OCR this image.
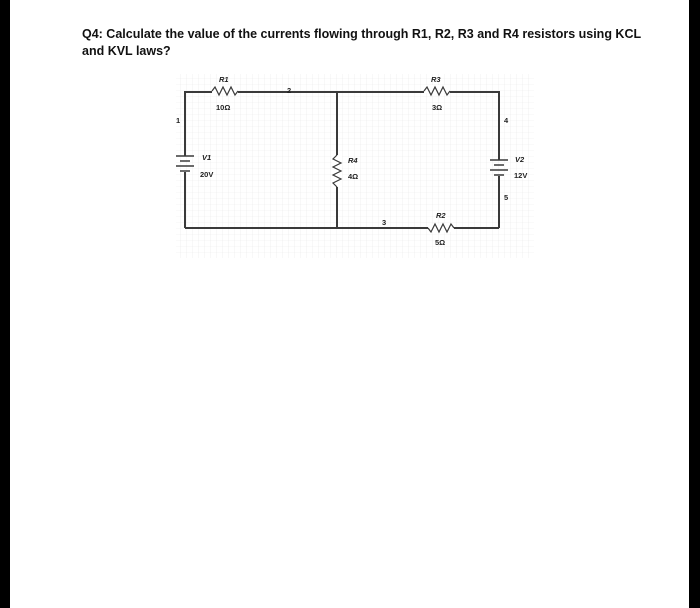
Q4: Calculate the value of the currents flowing through R1, R2, R3 and R4 resistors using KCL and KVL laws?

R1
10Ω
R3
3Ω
R4
4Ω
R2
5Ω
V1
20V
V2
12V
1
2
3
4
5
